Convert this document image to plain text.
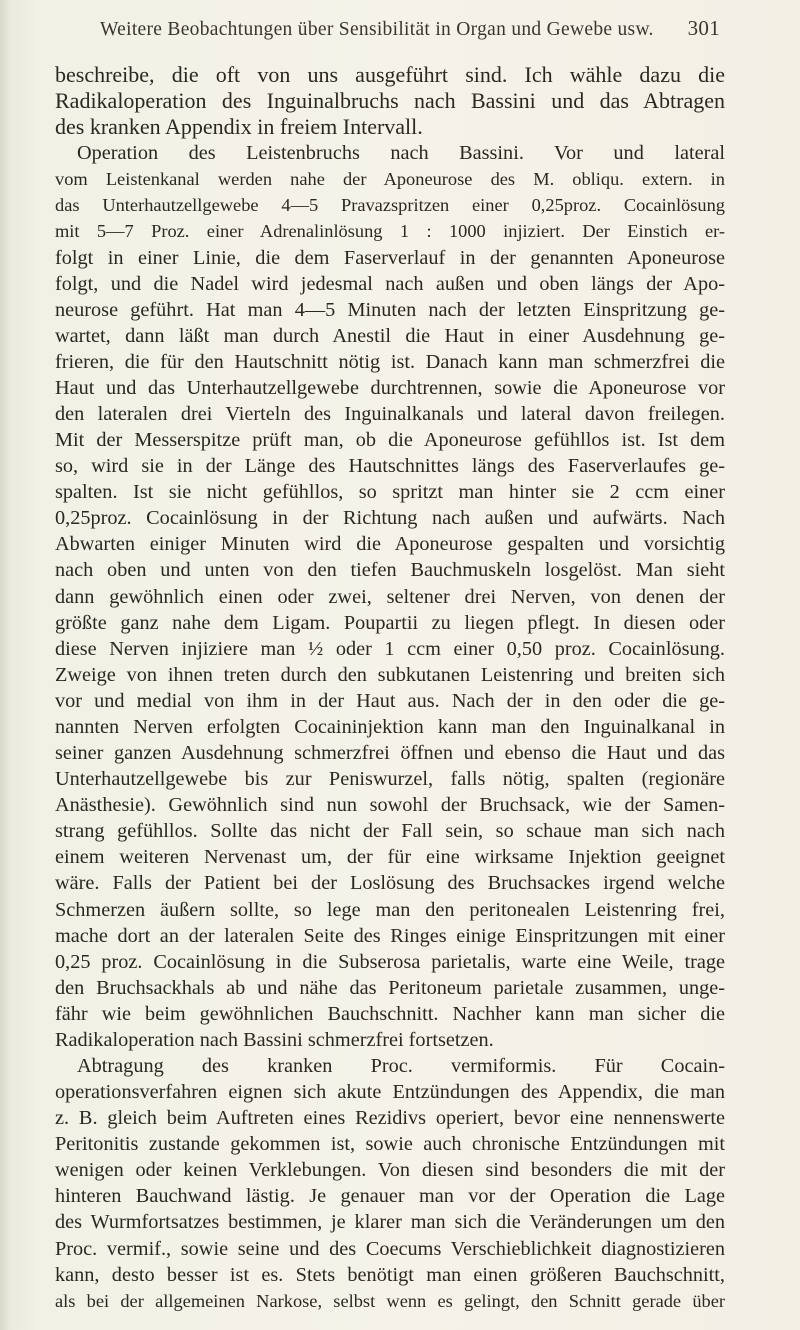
Weitere Beobachtungen über Sensibilität in Organ und Gewebe usw. 301
beschreibe, die oft von uns ausgeführt sind. Ich wähle dazu die
Radikaloperation des Inguinalbruchs nach Bassini und das Abtragen
des kranken Appendix in freiem Intervall.
Operation des Leistenbruchs nach Bassini. Vor und lateral
vom Leistenkanal werden nahe der Aponeurose des M. obliqu. extern. in
das Unterhautzellgewebe 4—5 Pravazspritzen einer 0,25proz. Cocainlösung
mit 5—7 Proz. einer Adrenalinlösung 1 : 1000 injiziert. Der Einstich er-
folgt in einer Linie, die dem Faserverlauf in der genannten Aponeurose
folgt, und die Nadel wird jedesmal nach außen und oben längs der Apo-
neurose geführt. Hat man 4—5 Minuten nach der letzten Einspritzung ge-
wartet, dann läßt man durch Anestil die Haut in einer Ausdehnung ge-
frieren, die für den Hautschnitt nötig ist. Danach kann man schmerzfrei die
Haut und das Unterhautzellgewebe durchtrennen, sowie die Aponeurose vor
den lateralen drei Vierteln des Inguinalkanals und lateral davon freilegen.
Mit der Messerspitze prüft man, ob die Aponeurose gefühllos ist. Ist dem
so, wird sie in der Länge des Hautschnittes längs des Faserverlaufes ge-
spalten. Ist sie nicht gefühllos, so spritzt man hinter sie 2 ccm einer
0,25proz. Cocainlösung in der Richtung nach außen und aufwärts. Nach
Abwarten einiger Minuten wird die Aponeurose gespalten und vorsichtig
nach oben und unten von den tiefen Bauchmuskeln losgelöst. Man sieht
dann gewöhnlich einen oder zwei, seltener drei Nerven, von denen der
größte ganz nahe dem Ligam. Poupartii zu liegen pflegt. In diesen oder
diese Nerven injiziere man ½ oder 1 ccm einer 0,50 proz. Cocainlösung.
Zweige von ihnen treten durch den subkutanen Leistenring und breiten sich
vor und medial von ihm in der Haut aus. Nach der in den oder die ge-
nannten Nerven erfolgten Cocaininjektion kann man den Inguinalkanal in
seiner ganzen Ausdehnung schmerzfrei öffnen und ebenso die Haut und das
Unterhautzellgewebe bis zur Peniswurzel, falls nötig, spalten (regionäre
Anästhesie). Gewöhnlich sind nun sowohl der Bruchsack, wie der Samen-
strang gefühllos. Sollte das nicht der Fall sein, so schaue man sich nach
einem weiteren Nervenast um, der für eine wirksame Injektion geeignet
wäre. Falls der Patient bei der Loslösung des Bruchsackes irgend welche
Schmerzen äußern sollte, so lege man den peritonealen Leistenring frei,
mache dort an der lateralen Seite des Ringes einige Einspritzungen mit einer
0,25 proz. Cocainlösung in die Subserosa parietalis, warte eine Weile, trage
den Bruchsackhals ab und nähe das Peritoneum parietale zusammen, unge-
fähr wie beim gewöhnlichen Bauchschnitt. Nachher kann man sicher die
Radikaloperation nach Bassini schmerzfrei fortsetzen.
Abtragung des kranken Proc. vermiformis. Für Cocain-
operationsverfahren eignen sich akute Entzündungen des Appendix, die man
z. B. gleich beim Auftreten eines Rezidivs operiert, bevor eine nennenswerte
Peritonitis zustande gekommen ist, sowie auch chronische Entzündungen mit
wenigen oder keinen Verklebungen. Von diesen sind besonders die mit der
hinteren Bauchwand lästig. Je genauer man vor der Operation die Lage
des Wurmfortsatzes bestimmen, je klarer man sich die Veränderungen um den
Proc. vermif., sowie seine und des Coecums Verschieblichkeit diagnostizieren
kann, desto besser ist es. Stets benötigt man einen größeren Bauchschnitt,
als bei der allgemeinen Narkose, selbst wenn es gelingt, den Schnitt gerade über
